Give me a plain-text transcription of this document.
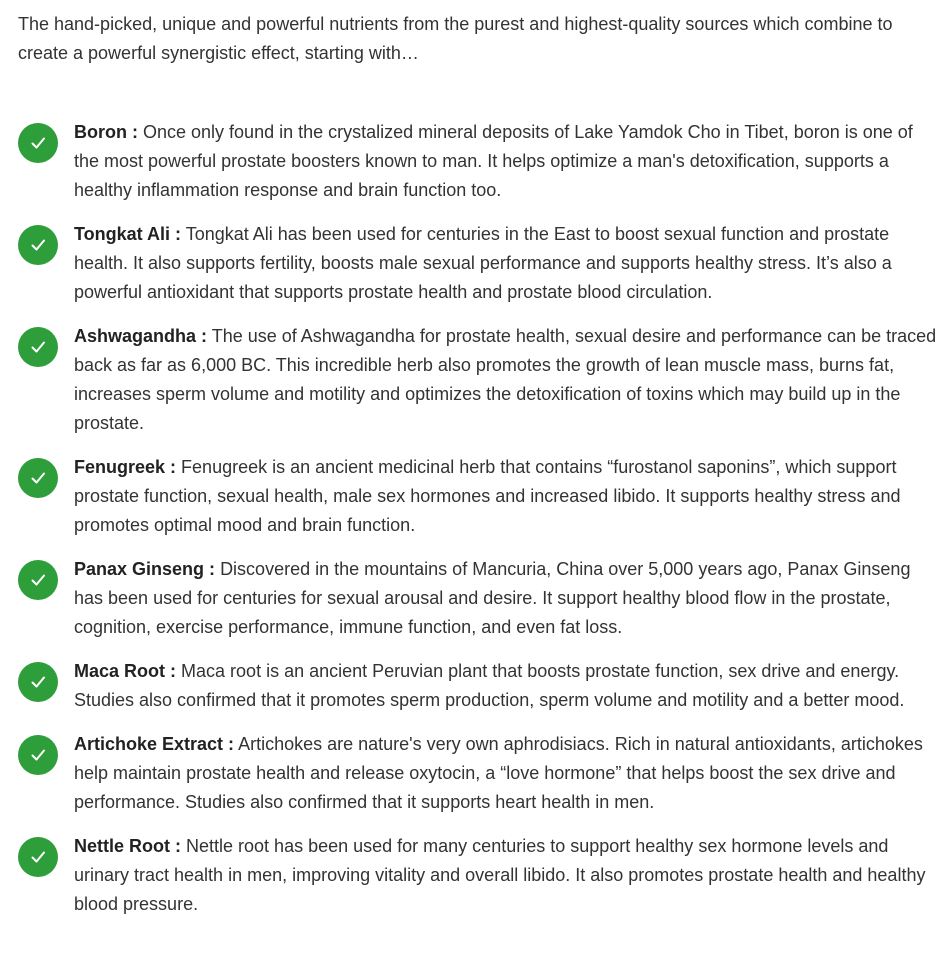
The hand-picked, unique and powerful nutrients from the purest and highest-quality sources which combine to create a powerful synergistic effect, starting with…

Boron : Once only found in the crystalized mineral deposits of Lake Yamdok Cho in Tibet, boron is one of the most powerful prostate boosters known to man. It helps optimize a man's detoxification, supports a healthy inflammation response and brain function too.
Tongkat Ali : Tongkat Ali has been used for centuries in the East to boost sexual function and prostate health. It also supports fertility, boosts male sexual performance and supports healthy stress. It’s also a powerful antioxidant that supports prostate health and prostate blood circulation.
Ashwagandha : The use of Ashwagandha for prostate health, sexual desire and performance can be traced back as far as 6,000 BC. This incredible herb also promotes the growth of lean muscle mass, burns fat, increases sperm volume and motility and optimizes the detoxification of toxins which may build up in the prostate.
Fenugreek : Fenugreek is an ancient medicinal herb that contains “furostanol saponins”, which support prostate function, sexual health, male sex hormones and increased libido. It supports healthy stress and promotes optimal mood and brain function.
Panax Ginseng : Discovered in the mountains of Mancuria, China over 5,000 years ago, Panax Ginseng has been used for centuries for sexual arousal and desire. It support healthy blood flow in the prostate, cognition, exercise performance, immune function, and even fat loss.
Maca Root : Maca root is an ancient Peruvian plant that boosts prostate function, sex drive and energy. Studies also confirmed that it promotes sperm production, sperm volume and motility and a better mood.
Artichoke Extract : Artichokes are nature's very own aphrodisiacs. Rich in natural antioxidants, artichokes help maintain prostate health and release oxytocin, a “love hormone” that helps boost the sex drive and performance. Studies also confirmed that it supports heart health in men.
Nettle Root : Nettle root has been used for many centuries to support healthy sex hormone levels and urinary tract health in men, improving vitality and overall libido. It also promotes prostate health and healthy blood pressure.
